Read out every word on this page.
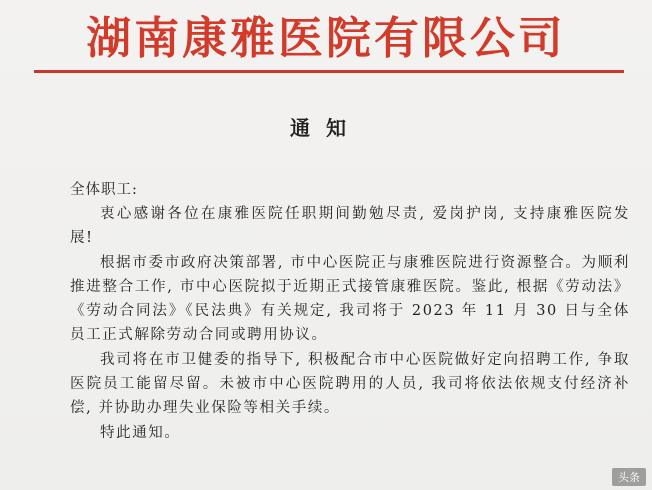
湖南康雅医院有限公司
通知
全体职工:

衷心感谢各位在康雅医院任职期间勤勉尽责, 爱岗护岗, 支持康雅医院发展!

根据市委市政府决策部署, 市中心医院正与康雅医院进行资源整合。为顺利推进整合工作, 市中心医院拟于近期正式接管康雅医院。鉴此, 根据《劳动法》《劳动合同法》《民法典》有关规定, 我司将于 2023 年 11 月 30 日与全体员工正式解除劳动合同或聘用协议。

我司将在市卫健委的指导下, 积极配合市中心医院做好定向招聘工作, 争取医院员工能留尽留。未被市中心医院聘用的人员, 我司将依法依规支付经济补偿, 并协助办理失业保险等相关手续。

特此通知。

头条
